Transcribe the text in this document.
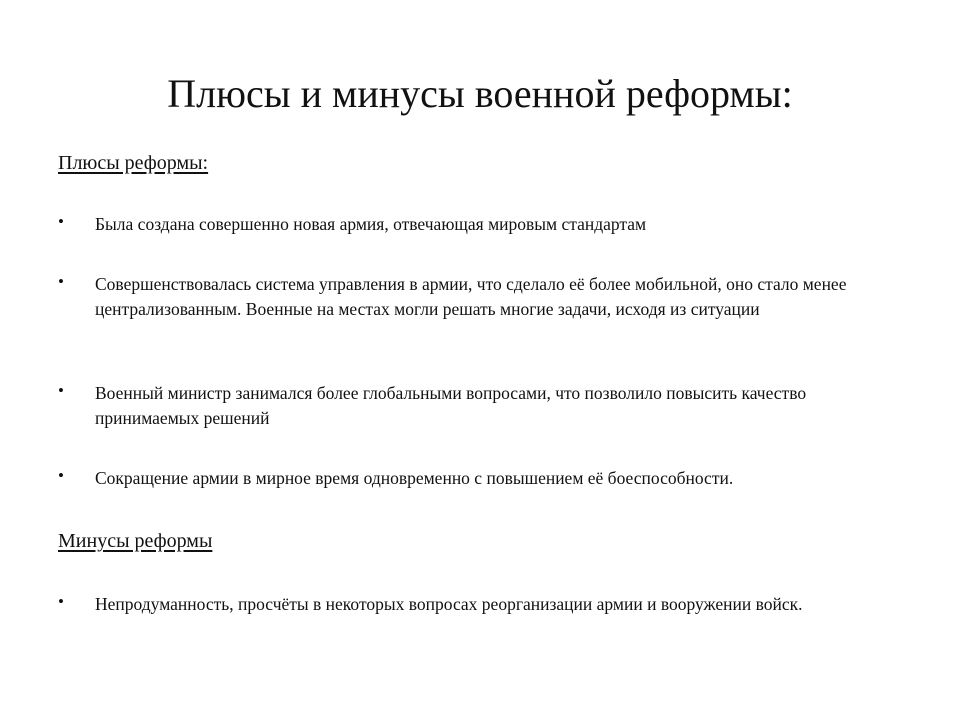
Плюсы и минусы военной реформы:

Плюсы реформы:

• Была создана совершенно новая армия, отвечающая мировым стандартам
• Совершенствовалась система управления в армии, что сделало её более мобильной, оно стало менее централизованным. Военные на местах могли решать многие задачи, исходя из ситуации
• Военный министр занимался более глобальными вопросами, что позволило повысить качество принимаемых решений
• Сокращение армии в мирное время одновременно с повышением её боеспособности.

Минусы реформы

• Непродуманность, просчёты в некоторых вопросах реорганизации армии и вооружении войск.
